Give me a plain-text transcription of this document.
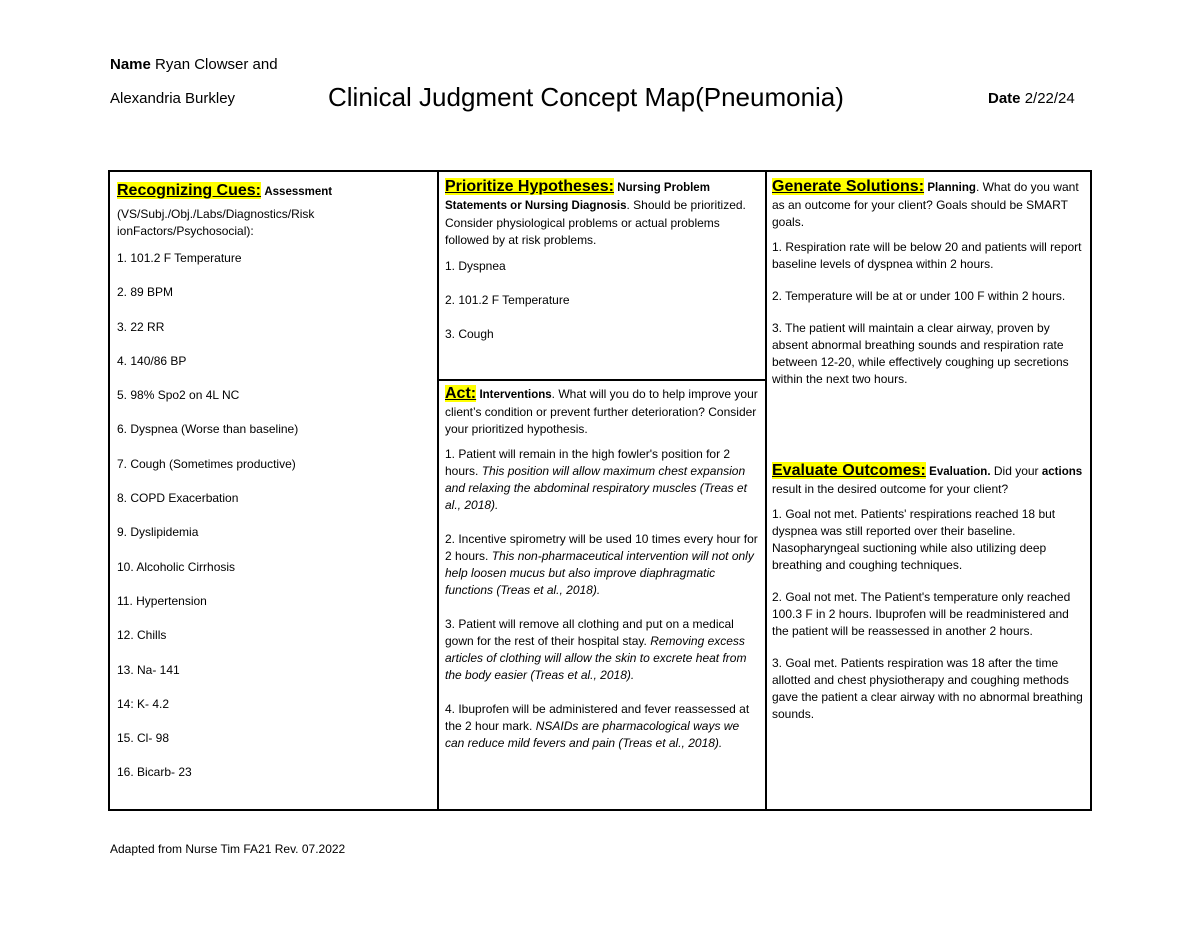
Name Ryan Clowser and
Alexandria Burkley	Clinical Judgment Concept Map(Pneumonia)	Date 2/22/24

Recognizing Cues: Assessment

(VS/Subj./Obj./Labs/Diagnostics/Risk ionFactors/Psychosocial):

1. 101.2 F Temperature

2. 89 BPM

3. 22 RR

4. 140/86 BP

5. 98% Spo2 on 4L NC

6. Dyspnea (Worse than baseline)

7. Cough (Sometimes productive)

8. COPD Exacerbation

9. Dyslipidemia

10. Alcoholic Cirrhosis

11. Hypertension

12. Chills

13. Na- 141

14: K- 4.2

15. Cl- 98

16. Bicarb- 23

Prioritize Hypotheses: Nursing Problem Statements or Nursing Diagnosis. Should be prioritized. Consider physiological problems or actual problems followed by at risk problems.

1. Dyspnea

2. 101.2 F Temperature

3. Cough

Act: Interventions. What will you do to help improve your client’s condition or prevent further deterioration? Consider your prioritized hypothesis.

1. Patient will remain in the high fowler's position for 2 hours. This position will allow maximum chest expansion and relaxing the abdominal respiratory muscles (Treas et al., 2018).

2. Incentive spirometry will be used 10 times every hour for 2 hours. This non-pharmaceutical intervention will not only help loosen mucus but also improve diaphragmatic functions (Treas et al., 2018).

3. Patient will remove all clothing and put on a medical gown for the rest of their hospital stay. Removing excess articles of clothing will allow the skin to excrete heat from the body easier (Treas et al., 2018).

4. Ibuprofen will be administered and fever reassessed at the 2 hour mark. NSAIDs are pharmacological ways we can reduce mild fevers and pain (Treas et al., 2018).

Generate Solutions: Planning. What do you want as an outcome for your client? Goals should be SMART goals.

1. Respiration rate will be below 20 and patients will report baseline levels of dyspnea within 2 hours.

2. Temperature will be at or under 100 F within 2 hours.

3. The patient will maintain a clear airway, proven by absent abnormal breathing sounds and respiration rate between 12-20, while effectively coughing up secretions within the next two hours.

Evaluate Outcomes: Evaluation. Did your actions result in the desired outcome for your client?

1. Goal not met. Patients' respirations reached 18 but dyspnea was still reported over their baseline. Nasopharyngeal suctioning while also utilizing deep breathing and coughing techniques.

2. Goal not met. The Patient's temperature only reached 100.3 F in 2 hours. Ibuprofen will be readministered and the patient will be reassessed in another 2 hours.

3. Goal met. Patients respiration was 18 after the time allotted and chest physiotherapy and coughing methods gave the patient a clear airway with no abnormal breathing sounds.

Adapted from Nurse Tim FA21 Rev. 07.2022
